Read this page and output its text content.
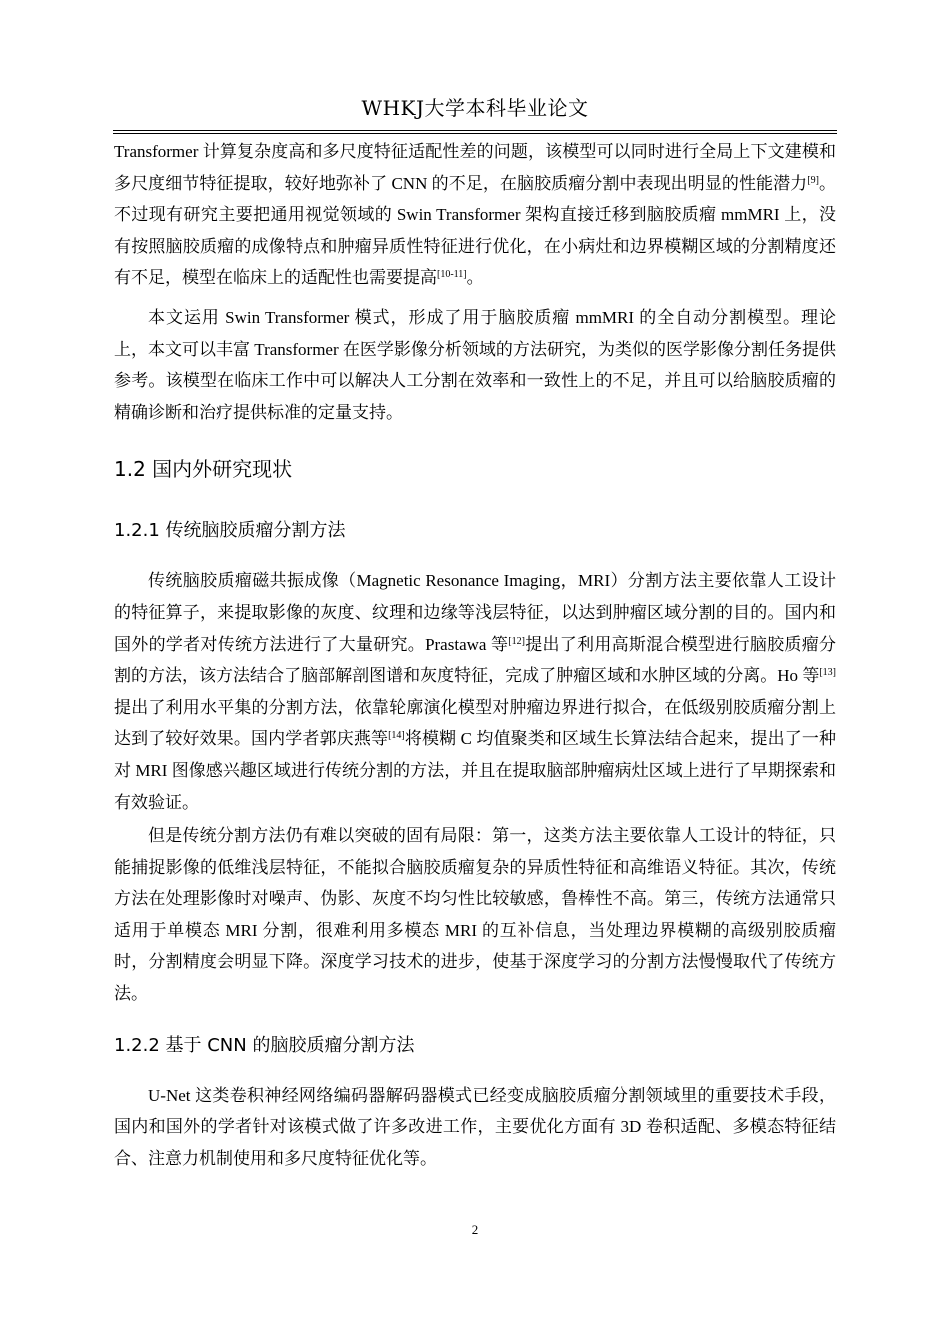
WHKJ大学本科毕业论文

Transformer 计算复杂度高和多尺度特征适配性差的问题，该模型可以同时进行全局上下文建模和多尺度细节特征提取，较好地弥补了 CNN 的不足，在脑胶质瘤分割中表现出明显的性能潜力[9]。不过现有研究主要把通用视觉领域的 Swin Transformer 架构直接迁移到脑胶质瘤 mmMRI 上，没有按照脑胶质瘤的成像特点和肿瘤异质性特征进行优化，在小病灶和边界模糊区域的分割精度还有不足，模型在临床上的适配性也需要提高[10-11]。

本文运用 Swin Transformer 模式，形成了用于脑胶质瘤 mmMRI 的全自动分割模型。理论上，本文可以丰富 Transformer 在医学影像分析领域的方法研究，为类似的医学影像分割任务提供参考。该模型在临床工作中可以解决人工分割在效率和一致性上的不足，并且可以给脑胶质瘤的精确诊断和治疗提供标准的定量支持。

1.2 国内外研究现状
1.2.1 传统脑胶质瘤分割方法

传统脑胶质瘤磁共振成像（Magnetic Resonance Imaging，MRI）分割方法主要依靠人工设计的特征算子，来提取影像的灰度、纹理和边缘等浅层特征，以达到肿瘤区域分割的目的。国内和国外的学者对传统方法进行了大量研究。Prastawa 等[12]提出了利用高斯混合模型进行脑胶质瘤分割的方法，该方法结合了脑部解剖图谱和灰度特征，完成了肿瘤区域和水肿区域的分离。Ho 等[13]提出了利用水平集的分割方法，依靠轮廓演化模型对肿瘤边界进行拟合，在低级别胶质瘤分割上达到了较好效果。国内学者郭庆燕等[14]将模糊 C 均值聚类和区域生长算法结合起来，提出了一种对 MRI 图像感兴趣区域进行传统分割的方法，并且在提取脑部肿瘤病灶区域上进行了早期探索和有效验证。

但是传统分割方法仍有难以突破的固有局限：第一，这类方法主要依靠人工设计的特征，只能捕捉影像的低维浅层特征，不能拟合脑胶质瘤复杂的异质性特征和高维语义特征。其次，传统方法在处理影像时对噪声、伪影、灰度不均匀性比较敏感，鲁棒性不高。第三，传统方法通常只适用于单模态 MRI 分割，很难利用多模态 MRI 的互补信息，当处理边界模糊的高级别胶质瘤时，分割精度会明显下降。深度学习技术的进步，使基于深度学习的分割方法慢慢取代了传统方法。

1.2.2 基于 CNN 的脑胶质瘤分割方法

U-Net 这类卷积神经网络编码器解码器模式已经变成脑胶质瘤分割领域里的重要技术手段，国内和国外的学者针对该模式做了许多改进工作，主要优化方面有 3D 卷积适配、多模态特征结合、注意力机制使用和多尺度特征优化等。

2
